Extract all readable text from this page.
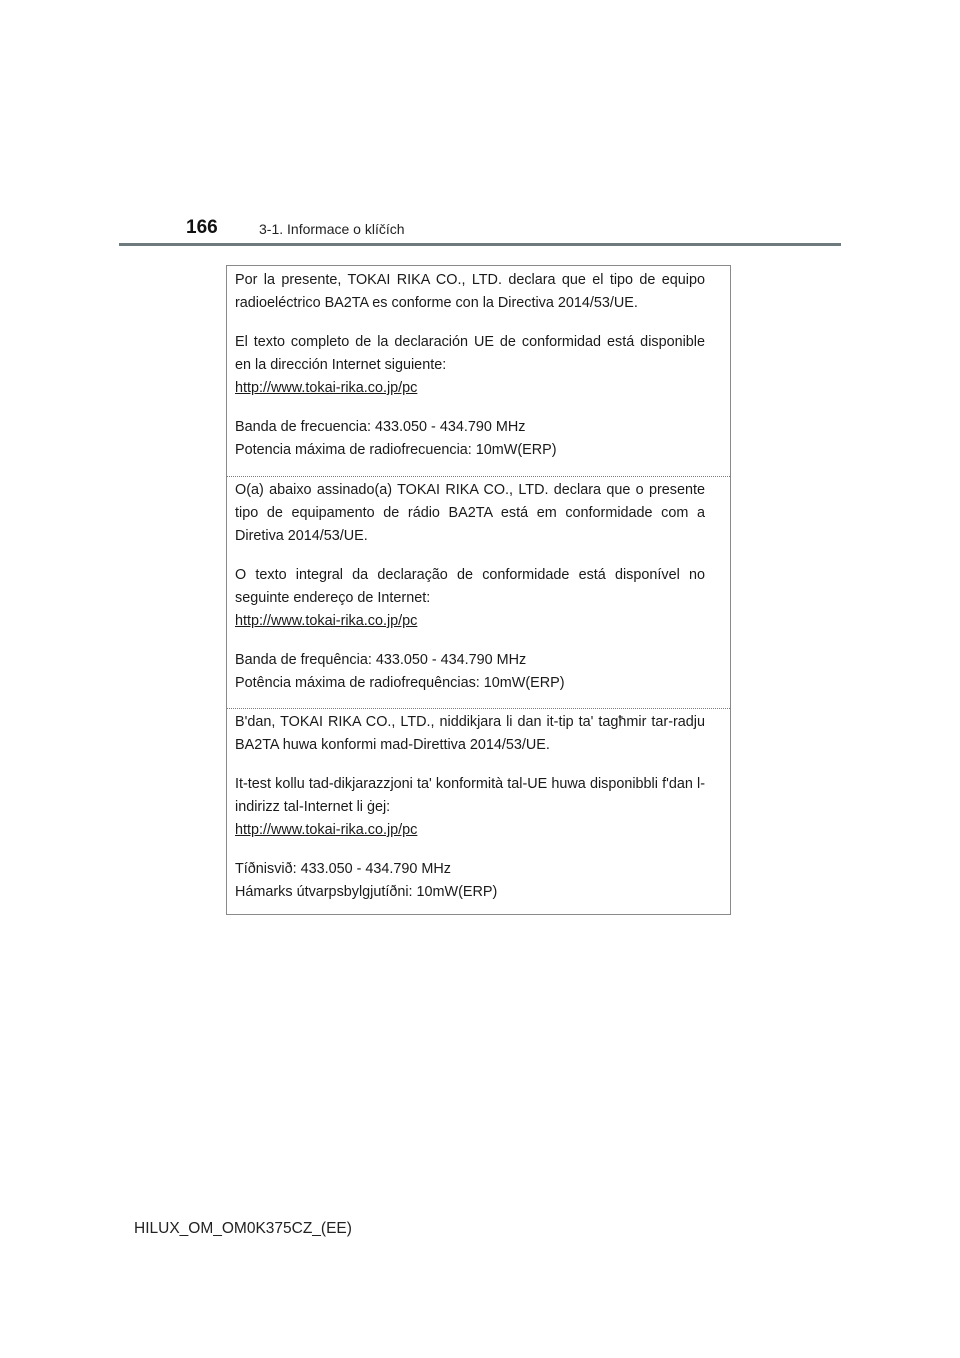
166	3-1. Informace o klíčích

Por la presente, TOKAI RIKA CO., LTD. declara que el tipo de equipo radioeléctrico BA2TA es conforme con la Directiva 2014/53/UE.

El texto completo de la declaración UE de conformidad está disponible en la dirección Internet siguiente:

http://www.tokai-rika.co.jp/pc

Banda de frecuencia: 433.050 - 434.790 MHz

Potencia máxima de radiofrecuencia: 10mW(ERP)

O(a) abaixo assinado(a) TOKAI RIKA CO., LTD. declara que o presente tipo de equipamento de rádio BA2TA está em conformidade com a Diretiva 2014/53/UE.

O texto integral da declaração de conformidade está disponível no seguinte endereço de Internet:

http://www.tokai-rika.co.jp/pc

Banda de frequência: 433.050 - 434.790 MHz

Potência máxima de radiofrequências: 10mW(ERP)

B'dan, TOKAI RIKA CO., LTD., niddikjara li dan it-tip ta' tagħmir tar-radju BA2TA huwa konformi mad-Direttiva 2014/53/UE.

It-test kollu tad-dikjarazzjoni ta' konformità tal-UE huwa disponibbli f'dan l-indirizz tal-Internet li ġej:

http://www.tokai-rika.co.jp/pc

Tíðnisvið: 433.050 - 434.790 MHz

Hámarks útvarpsbylgjutíðni: 10mW(ERP)

HILUX_OM_OM0K375CZ_(EE)
